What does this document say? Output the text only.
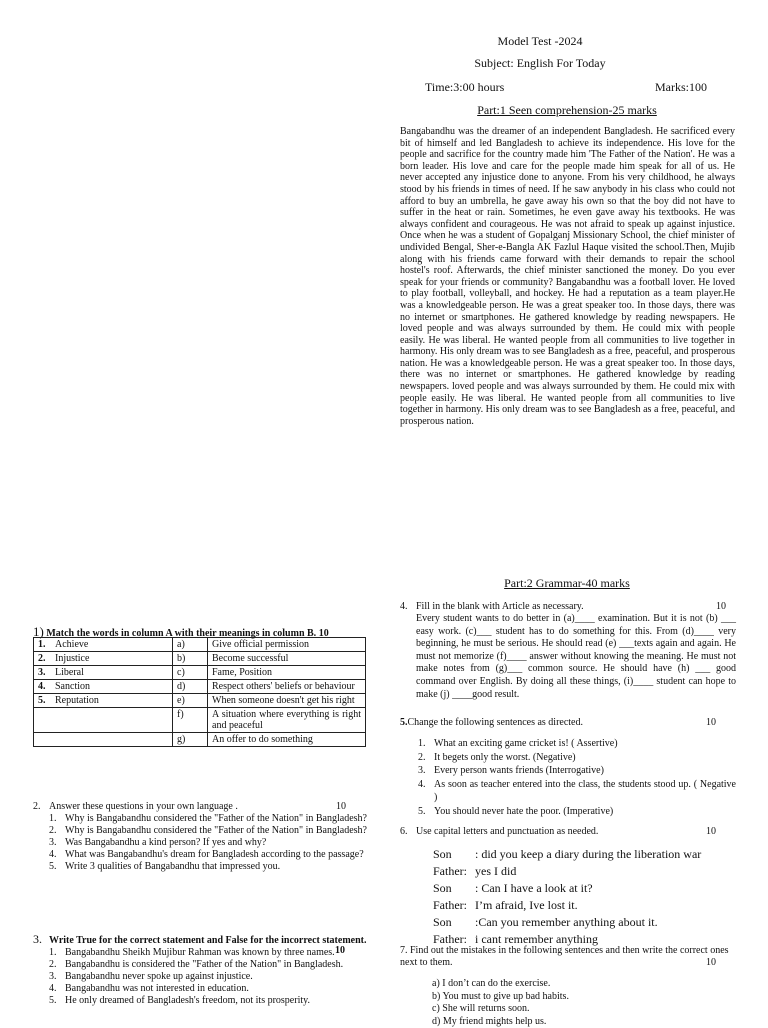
Model Test -2024
Subject: English For Today
Time:3:00 hours	Marks:100
Part:1 Seen comprehension-25 marks
Bangabandhu was the dreamer of an independent Bangladesh. He sacrificed every bit of himself and led Bangladesh to achieve its independence. His love for the people and sacrifice for the country made him 'The Father of the Nation'. He was a born leader. His love and care for the people made him speak for all of us. He never accepted any injustice done to anyone. From his very childhood, he always stood by his friends in times of need. If he saw anybody in his class who could not afford to buy an umbrella, he gave away his own so that the boy did not have to suffer in the heat or rain. Sometimes, he even gave away his textbooks. He was always confident and courageous. He was not afraid to speak up against injustice. Once when he was a student of Gopalganj Missionary School, the chief minister of undivided Bengal, Sher-e-Bangla AK Fazlul Haque visited the school.Then, Mujib along with his friends came forward with their demands to repair the school hostel's roof. Afterwards, the chief minister sanctioned the money. Do you ever speak for your friends or community? Bangabandhu was a football lover. He loved to play football, volleyball, and hockey. He had a reputation as a team player.He was a knowledgeable person. He was a great speaker too. In those days, there was no internet or smartphones. He gathered knowledge by reading newspapers. He loved people and was always surrounded by them. He could mix with people easily. He was liberal. He wanted people from all communities to live together in harmony. His only dream was to see Bangladesh as a free, peaceful, and prosperous nation. He was a knowledgeable person. He was a great speaker too. In those days, there was no internet or smartphones. He gathered knowledge by reading newspapers. loved people and was always surrounded by them. He could mix with people easily. He was liberal. He wanted people from all communities to live together in harmony. His only dream was to see Bangladesh as a free, peaceful, and prosperous nation.
1) Match the words in column A with their meanings in column B. 10
1. Achieve	a)	Give official permission
2. Injustice	b)	Become successful
3. Liberal	c)	Fame, Position
4. Sanction	d)	Respect others' beliefs or behaviour
5. Reputation	e)	When someone doesn't get his right
	f)	A situation where everything is right and peaceful
	g)	An offer to do something
2. Answer these questions in your own language .	10
1. Why is Bangabandhu considered the "Father of the Nation" in Bangladesh?
2. Why is Bangabandhu considered the "Father of the Nation" in Bangladesh?
3. Was Bangabandhu a kind person? If yes and why?
4. What was Bangabandhu's dream for Bangladesh according to the passage?
5. Write 3 qualities of Bangabandhu that impressed you.
3. Write True for the correct statement and False for the incorrect statement.
10
1. Bangabandhu Sheikh Mujibur Rahman was known by three names.
2. Bangabandhu is considered the "Father of the Nation" in Bangladesh.
3. Bangabandhu never spoke up against injustice.
4. Bangabandhu was not interested in education.
5. He only dreamed of Bangladesh's freedom, not its prosperity.
Part:2 Grammar-40 marks
4. Fill in the blank with Article as necessary.	10
Every student wants to do better in (a)____ examination. But it is not (b) ___ easy work. (c)___ student has to do something for this. From (d)____ very beginning, he must be serious. He should read (e) ___texts again and again. He must not memorize (f)____ answer without knowing the meaning. He must not make notes from (g)___ common source. He should have (h) ___ good command over English. By doing all these things, (i)____ student can hope to make (j) ____good result.
5.Change the following sentences as directed.	10
1. What an exciting game cricket is! ( Assertive)
2. It begets only the worst. (Negative)
3. Every person wants friends (Interrogative)
4. As soon as teacher entered into the class, the students stood up. ( Negative )
5. You should never hate the poor. (Imperative)
6. Use capital letters and punctuation as needed.	10
Son : did you keep a diary during the liberation war
Father: yes I did
Son : Can I have a look at it?
Father: I’m afraid, Ive lost it.
Son :Can you remember anything about it.
Father: i cant remember anything
7. Find out the mistakes in the following sentences and then write the correct ones next to them.	10
a) I don’t can do the exercise.
b) You must to give up bad habits.
c) She will returns soon.
d) My friend mights help us.
